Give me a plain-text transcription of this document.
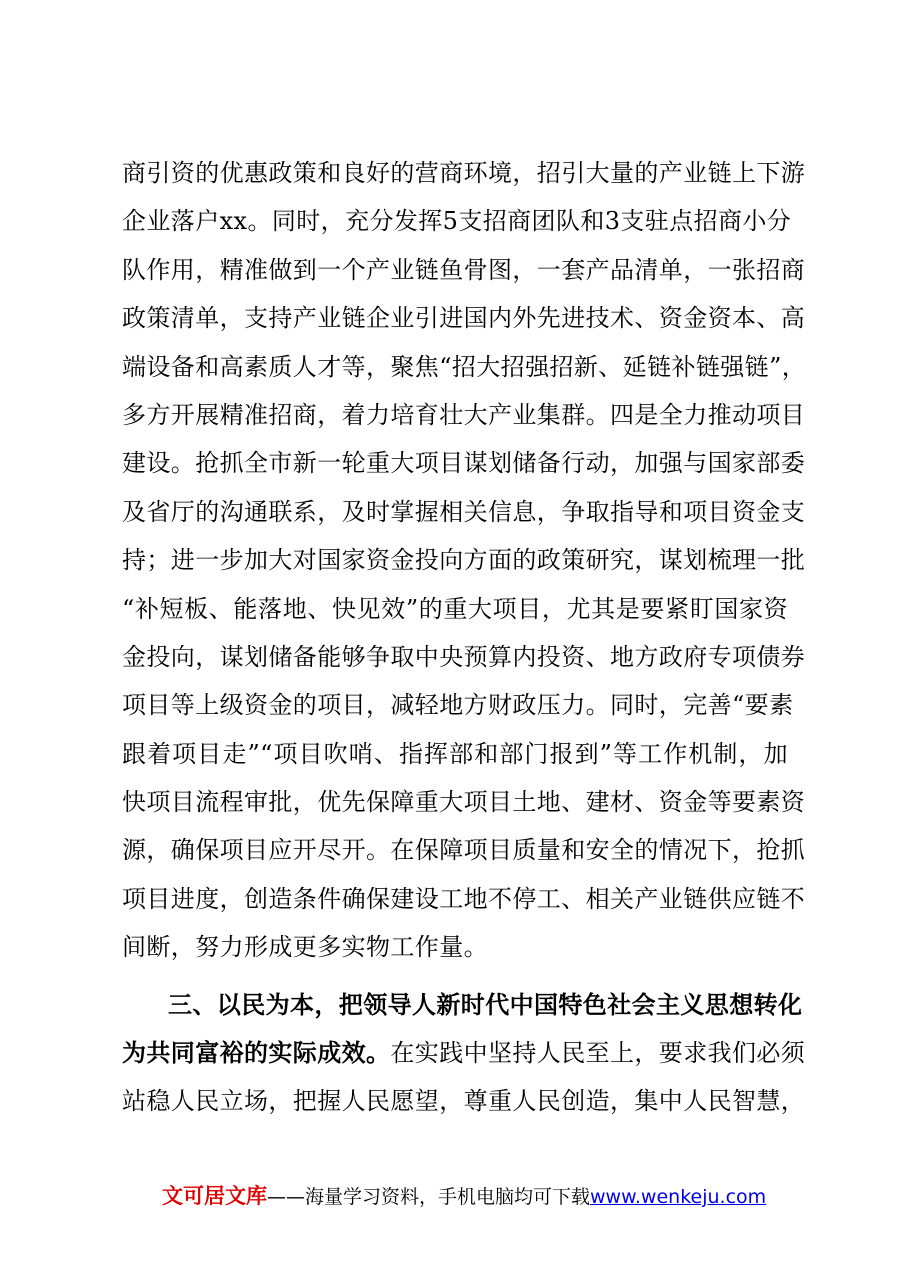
商引资的优惠政策和良好的营商环境，招引大量的产业链上下游
企业落户xx。同时，充分发挥5支招商团队和3支驻点招商小分
队作用，精准做到一个产业链鱼骨图，一套产品清单，一张招商
政策清单，支持产业链企业引进国内外先进技术、资金资本、高
端设备和高素质人才等，聚焦“招大招强招新、延链补链强链”，
多方开展精准招商，着力培育壮大产业集群。四是全力推动项目
建设。抢抓全市新一轮重大项目谋划储备行动，加强与国家部委
及省厅的沟通联系，及时掌握相关信息，争取指导和项目资金支
持；进一步加大对国家资金投向方面的政策研究，谋划梳理一批
“补短板、能落地、快见效”的重大项目，尤其是要紧盯国家资
金投向，谋划储备能够争取中央预算内投资、地方政府专项债券
项目等上级资金的项目，减轻地方财政压力。同时，完善“要素
跟着项目走”“项目吹哨、指挥部和部门报到”等工作机制，加
快项目流程审批，优先保障重大项目土地、建材、资金等要素资
源，确保项目应开尽开。在保障项目质量和安全的情况下，抢抓
项目进度，创造条件确保建设工地不停工、相关产业链供应链不
间断，努力形成更多实物工作量。
三、以民为本，把领导人新时代中国特色社会主义思想转化
为共同富裕的实际成效。在实践中坚持人民至上，要求我们必须
站稳人民立场，把握人民愿望，尊重人民创造，集中人民智慧，
文可居文库——海量学习资料，手机电脑均可下载www.wenkeju.com
